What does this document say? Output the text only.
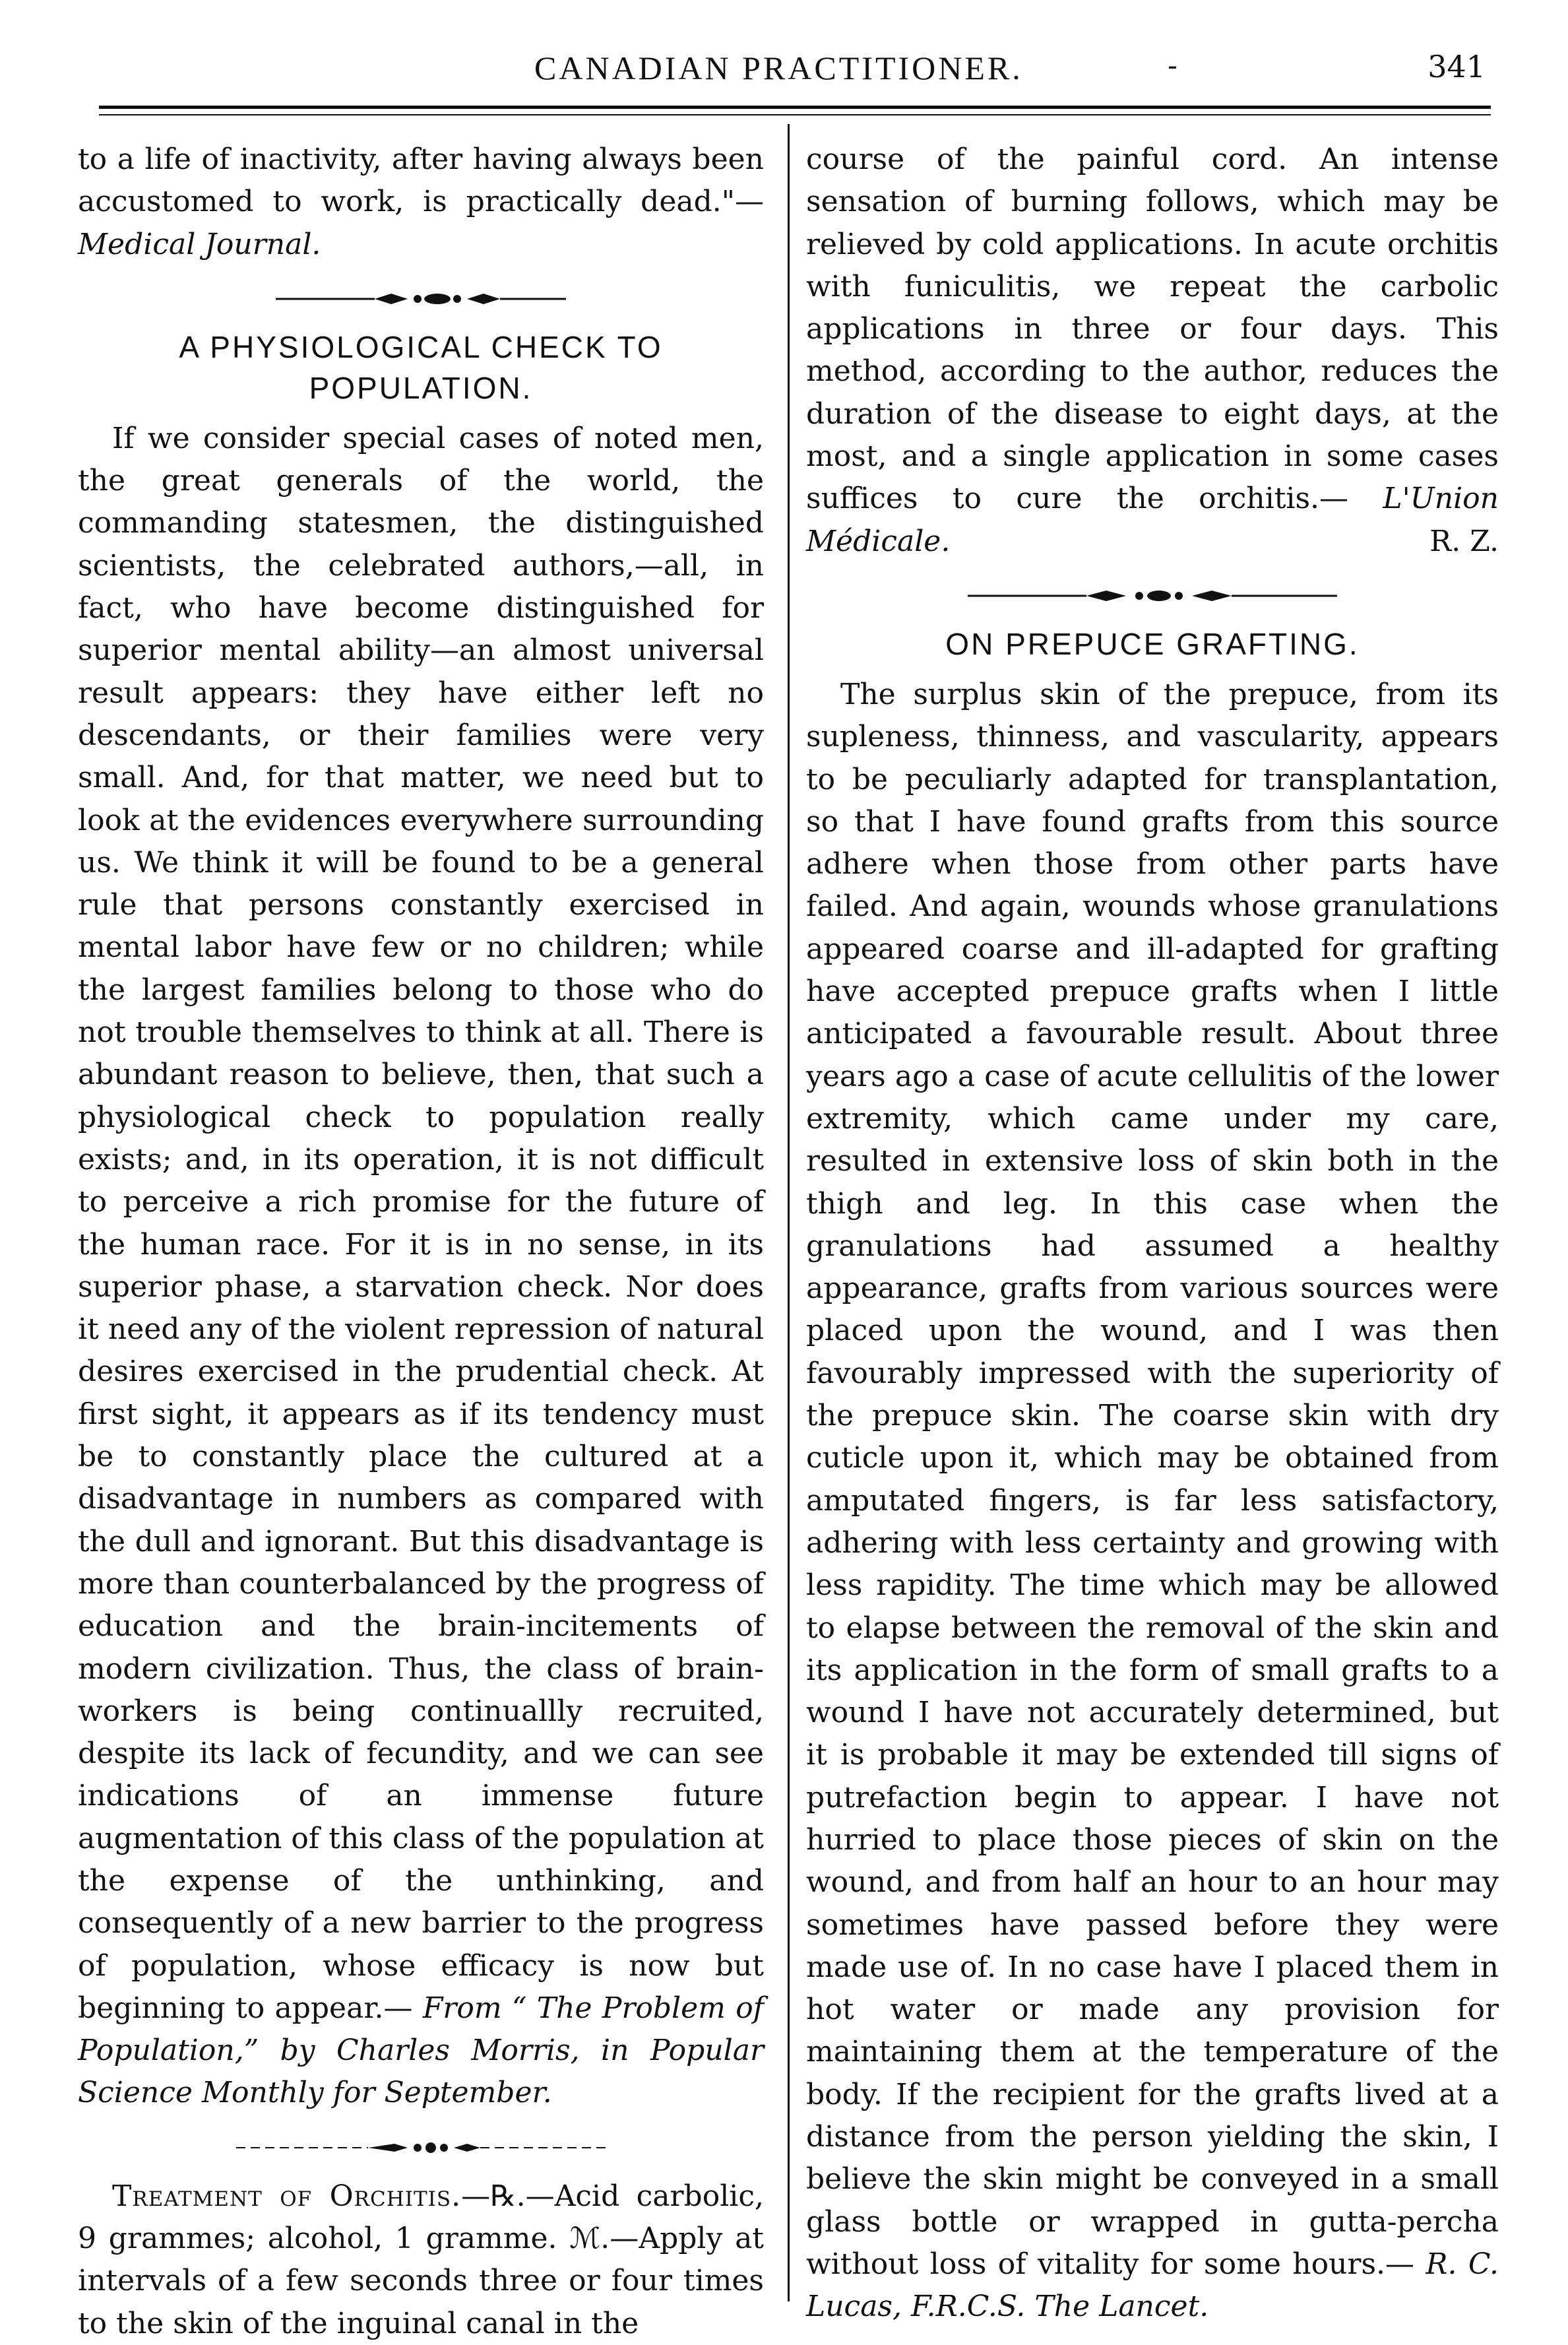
CANADIAN PRACTITIONER.	-	341

to a life of inactivity, after having always been accustomed to work, is practically dead."— Medical Journal.

A PHYSIOLOGICAL CHECK TO POPULATION.

If we consider special cases of noted men, the great generals of the world, the commanding statesmen, the distinguished scientists, the celebrated authors,—all, in fact, who have become distinguished for superior mental ability—an almost universal result appears: they have either left no descendants, or their families were very small. And, for that matter, we need but to look at the evidences everywhere surrounding us. We think it will be found to be a general rule that persons constantly exercised in mental labor have few or no children; while the largest families belong to those who do not trouble themselves to think at all. There is abundant reason to believe, then, that such a physiological check to population really exists; and, in its operation, it is not difficult to perceive a rich promise for the future of the human race. For it is in no sense, in its superior phase, a starvation check. Nor does it need any of the violent repression of natural desires exercised in the prudential check. At first sight, it appears as if its tendency must be to constantly place the cultured at a disadvantage in numbers as compared with the dull and ignorant. But this disadvantage is more than counterbalanced by the progress of education and the brain-incitements of modern civilization. Thus, the class of brain-workers is being continuallly recruited, despite its lack of fecundity, and we can see indications of an immense future augmentation of this class of the population at the expense of the unthinking, and consequently of a new barrier to the progress of population, whose efficacy is now but beginning to appear.— From “ The Problem of Population,” by Charles Morris, in Popular Science Monthly for September.

Treatment of Orchitis.—℞.—Acid carbolic, 9 grammes; alcohol, 1 gramme. ℳ.—Apply at intervals of a few seconds three or four times to the skin of the inguinal canal in the

course of the painful cord. An intense sensation of burning follows, which may be relieved by cold applications. In acute orchitis with funiculitis, we repeat the carbolic applications in three or four days. This method, according to the author, reduces the duration of the disease to eight days, at the most, and a single application in some cases suffices to cure the orchitis.— L'Union Médicale.	R. Z.

ON PREPUCE GRAFTING.

The surplus skin of the prepuce, from its supleness, thinness, and vascularity, appears to be peculiarly adapted for transplantation, so that I have found grafts from this source adhere when those from other parts have failed. And again, wounds whose granulations appeared coarse and ill-adapted for grafting have accepted prepuce grafts when I little anticipated a favourable result. About three years ago a case of acute cellulitis of the lower extremity, which came under my care, resulted in extensive loss of skin both in the thigh and leg. In this case when the granulations had assumed a healthy appearance, grafts from various sources were placed upon the wound, and I was then favourably impressed with the superiority of the prepuce skin. The coarse skin with dry cuticle upon it, which may be obtained from amputated fingers, is far less satisfactory, adhering with less certainty and growing with less rapidity. The time which may be allowed to elapse between the removal of the skin and its application in the form of small grafts to a wound I have not accurately determined, but it is probable it may be extended till signs of putrefaction begin to appear. I have not hurried to place those pieces of skin on the wound, and from half an hour to an hour may sometimes have passed before they were made use of. In no case have I placed them in hot water or made any provision for maintaining them at the temperature of the body. If the recipient for the grafts lived at a distance from the person yielding the skin, I believe the skin might be conveyed in a small glass bottle or wrapped in gutta-percha without loss of vitality for some hours.— R. C. Lucas, F.R.C.S. The Lancet.
